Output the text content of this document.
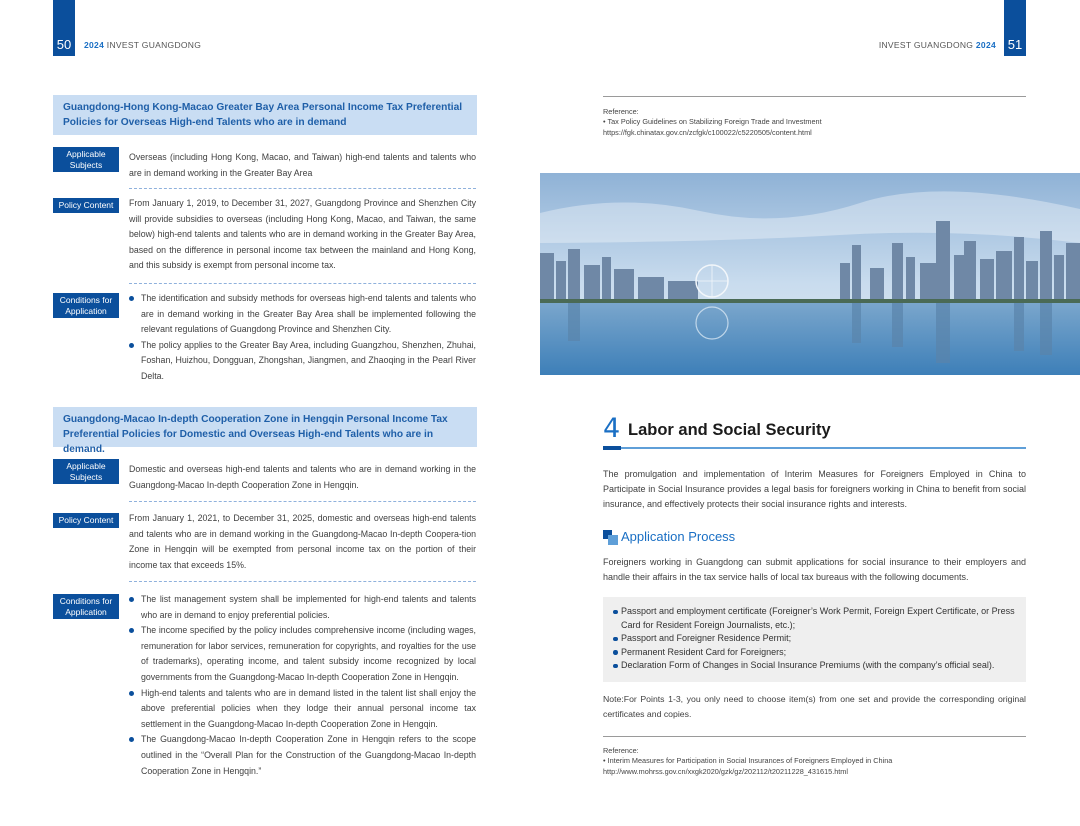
50 2024 INVEST GUANGDONG	51
INVEST GUANGDONG 2024
Guangdong-Hong Kong-Macao Greater Bay Area Personal Income Tax Preferential Policies for Overseas High-end Talents who are in demand
Applicable Subjects
Overseas (including Hong Kong, Macao, and Taiwan) high-end talents and talents who are in demand working in the Greater Bay Area
Policy Content	From January 1, 2019, to December 31, 2027, Guangdong Province and Shenzhen City will provide subsidies to overseas (including Hong Kong, Macao, and Taiwan, the same below) high-end talents and talents who are in demand working in the Greater Bay Area, based on the difference in personal income tax between the mainland and Hong Kong, and this subsidy is exempt from personal income tax.
Conditions for Application
The identification and subsidy methods for overseas high-end talents and talents who are in demand working in the Greater Bay Area shall be implemented following the relevant regulations of Guangdong Province and Shenzhen City.
The policy applies to the Greater Bay Area, including Guangzhou, Shenzhen, Zhuhai, Foshan, Huizhou, Dongguan, Zhongshan, Jiangmen, and Zhaoqing in the Pearl River Delta.
Guangdong-Macao In-depth Cooperation Zone in Hengqin Personal Income Tax Preferential Policies for Domestic and Overseas High-end Talents who are in demand.
Applicable Subjects
Domestic and overseas high-end talents and talents who are in demand working in the Guangdong-Macao In-depth Cooperation Zone in Hengqin.
Policy Content	From January 1, 2021, to December 31, 2025, domestic and overseas high-end talents and talents who are in demand working in the Guangdong-Macao In-depth Coopera-tion Zone in Hengqin will be exempted from personal income tax on the portion of their income tax that exceeds 15%.
Conditions for Application
The list management system shall be implemented for high-end talents and talents who are in demand to enjoy preferential policies.
The income specified by the policy includes comprehensive income (including wages, remuneration for labor services, remuneration for copyrights, and royalties for the use of trademarks), operating income, and talent subsidy income recognized by local governments from the Guangdong-Macao In-depth Cooperation Zone in Hengqin.
High-end talents and talents who are in demand listed in the talent list shall enjoy the above preferential policies when they lodge their annual personal income tax settlement in the Guangdong-Macao In-depth Cooperation Zone in Hengqin.
The Guangdong-Macao In-depth Cooperation Zone in Hengqin refers to the scope outlined in the “Overall Plan for the Construction of the Guangdong-Macao In-depth Cooperation Zone in Hengqin.”
Reference:
• Tax Policy Guidelines on Stabilizing Foreign Trade and Investment
https://fgk.chinatax.gov.cn/zcfgk/c100022/c5220505/content.html
4 Labor and Social Security
The promulgation and implementation of Interim Measures for Foreigners Employed in China to Participate in Social Insurance provides a legal basis for foreigners working in China to benefit from social insurance, and effectively protects their social insurance rights and interests.
Application Process
Foreigners working in Guangdong can submit applications for social insurance to their employers and handle their affairs in the tax service halls of local tax bureaus with the following documents.
Passport and employment certificate (Foreigner’s Work Permit, Foreign Expert Certificate, or Press Card for Resident Foreign Journalists, etc.);
Passport and Foreigner Residence Permit;
Permanent Resident Card for Foreigners;
Declaration Form of Changes in Social Insurance Premiums (with the company’s official seal).
Note:For Points 1-3, you only need to choose item(s) from one set and provide the corresponding original certificates and copies.
Reference:
• Interim Measures for Participation in Social Insurances of Foreigners Employed in China
http://www.mohrss.gov.cn/xxgk2020/gzk/gz/202112/t20211228_431615.html
